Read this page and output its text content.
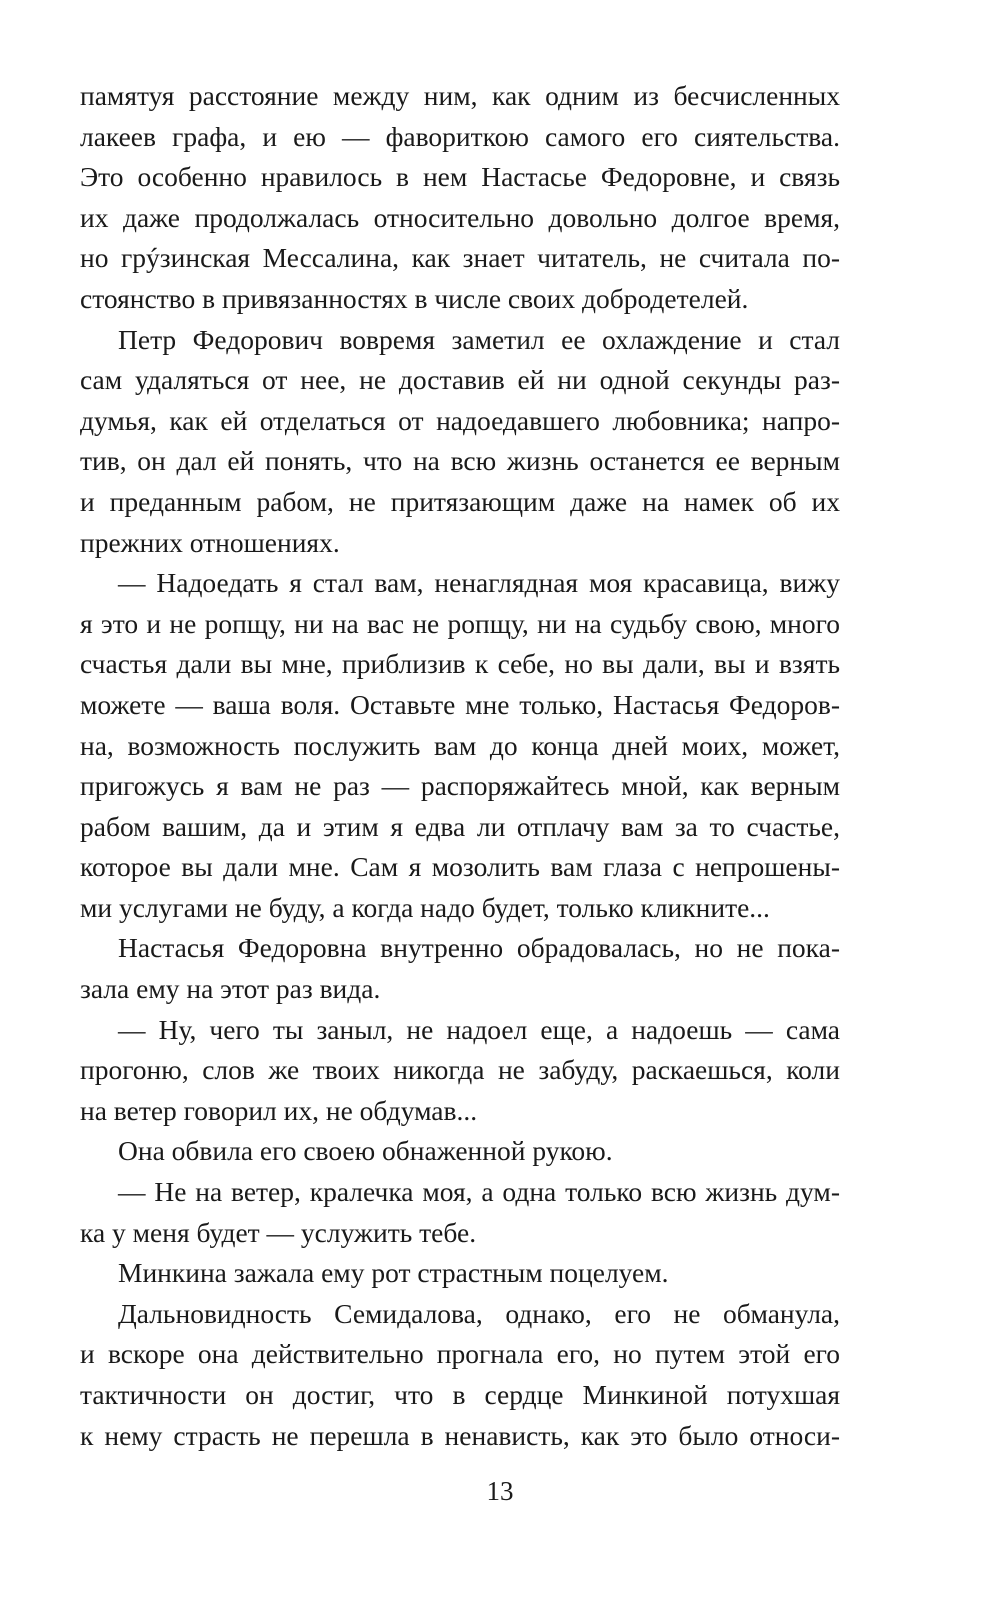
памятуя расстояние между ним, как одним из бесчисленных
лакеев графа, и ею — фавориткою самого его сиятельства.
Это особенно нравилось в нем Настасье Федоровне, и связь
их даже продолжалась относительно довольно долгое время,
но грýзинская Мессалина, как знает читатель, не считала по-
стоянство в привязанностях в числе своих добродетелей.
Петр Федорович вовремя заметил ее охлаждение и стал
сам удаляться от нее, не доставив ей ни одной секунды раз-
думья, как ей отделаться от надоедавшего любовника; напро-
тив, он дал ей понять, что на всю жизнь останется ее верным
и преданным рабом, не притязающим даже на намек об их
прежних отношениях.
— Надоедать я стал вам, ненаглядная моя красавица, вижу
я это и не ропщу, ни на вас не ропщу, ни на судьбу свою, много
счастья дали вы мне, приблизив к себе, но вы дали, вы и взять
можете — ваша воля. Оставьте мне только, Настасья Федоров-
на, возможность послужить вам до конца дней моих, может,
пригожусь я вам не раз — распоряжайтесь мной, как верным
рабом вашим, да и этим я едва ли отплачу вам за то счастье,
которое вы дали мне. Сам я мозолить вам глаза с непрошены-
ми услугами не буду, а когда надо будет, только кликните...
Настасья Федоровна внутренно обрадовалась, но не пока-
зала ему на этот раз вида.
— Ну, чего ты заныл, не надоел еще, а надоешь — сама
прогоню, слов же твоих никогда не забуду, раскаешься, коли
на ветер говорил их, не обдумав...
Она обвила его своею обнаженной рукою.
— Не на ветер, кралечка моя, а одна только всю жизнь дум-
ка у меня будет — услужить тебе.
Минкина зажала ему рот страстным поцелуем.
Дальновидность Семидалова, однако, его не обманула,
и вскоре она действительно прогнала его, но путем этой его
тактичности он достиг, что в сердце Минкиной потухшая
к нему страсть не перешла в ненависть, как это было относи-
13
